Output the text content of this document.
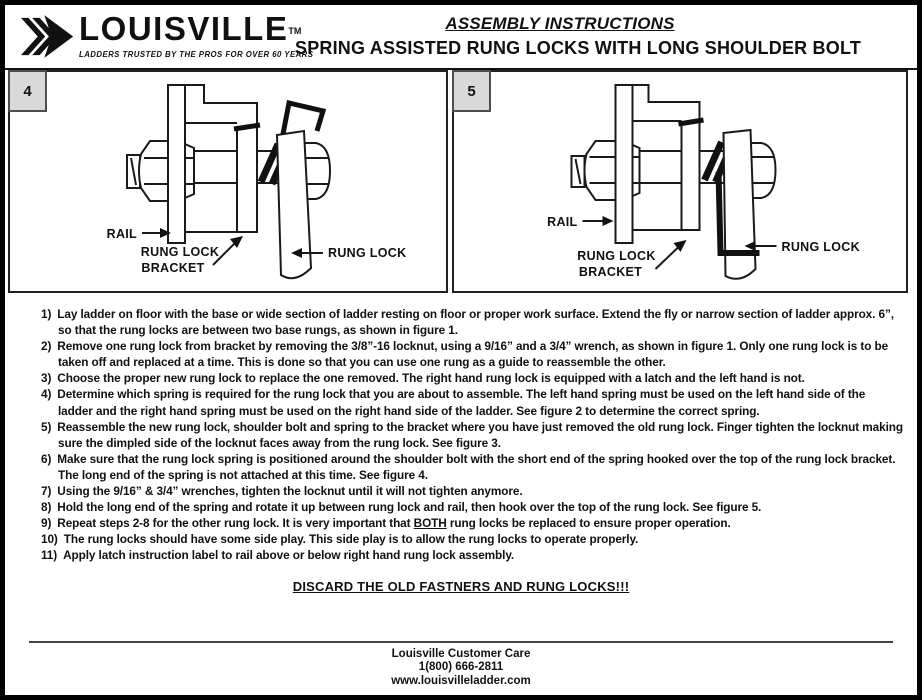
LOUISVILLETM
LADDERS TRUSTED BY THE PROS FOR OVER 60 YEARS
ASSEMBLY INSTRUCTIONS
SPRING ASSISTED RUNG LOCKS WITH LONG SHOULDER BOLT
4
RAIL
RUNG LOCK
BRACKET
RUNG LOCK
5
RAIL
RUNG LOCK
BRACKET
RUNG LOCK
1) Lay ladder on floor with the base or wide section of ladder resting on floor or proper work surface. Extend the fly or narrow section of ladder approx. 6”, so that the rung locks are between two base rungs, as shown in figure 1.
2) Remove one rung lock from bracket by removing the 3/8”-16 locknut, using a 9/16” and a 3/4” wrench, as shown in figure 1. Only one rung lock is to be taken off and replaced at a time. This is done so that you can use one rung as a guide to reassemble the other.
3) Choose the proper new rung lock to replace the one removed. The right hand rung lock is equipped with a latch and the left hand is not.
4) Determine which spring is required for the rung lock that you are about to assemble. The left hand spring must be used on the left hand side of the ladder and the right hand spring must be used on the right hand side of the ladder. See figure 2 to determine the correct spring.
5) Reassemble the new rung lock, shoulder bolt and spring to the bracket where you have just removed the old rung lock. Finger tighten the locknut making sure the dimpled side of the locknut faces away from the rung lock. See figure 3.
6) Make sure that the rung lock spring is positioned around the shoulder bolt with the short end of the spring hooked over the top of the rung lock bracket. The long end of the spring is not attached at this time. See figure 4.
7) Using the 9/16” & 3/4” wrenches, tighten the locknut until it will not tighten anymore.
8) Hold the long end of the spring and rotate it up between rung lock and rail, then hook over the top of the rung lock. See figure 5.
9) Repeat steps 2-8 for the other rung lock. It is very important that BOTH rung locks be replaced to ensure proper operation.
10) The rung locks should have some side play. This side play is to allow the rung locks to operate properly.
11) Apply latch instruction label to rail above or below right hand rung lock assembly.
DISCARD THE OLD FASTNERS AND RUNG LOCKS!!!
Louisville Customer Care
1(800) 666-2811
www.louisvilleladder.com
